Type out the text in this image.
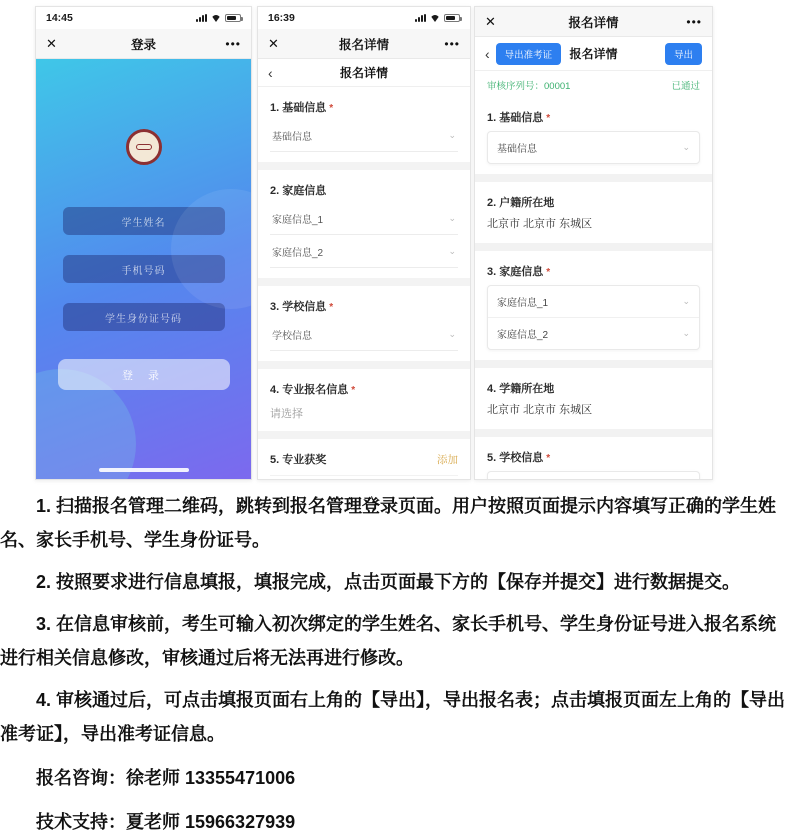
14:45
✕	登录	•••
学生姓名
手机号码
学生身份证号码
登 录
16:39
✕	报名详情	•••
‹	报名详情
1. 基础信息 *
基础信息	⌄
2. 家庭信息
家庭信息_1	⌄
家庭信息_2	⌄
3. 学校信息 *
学校信息	⌄
4. 专业报名信息 *
请选择
5. 专业获奖	添加
✕	报名详情	•••
‹	导出准考证	报名详情	导出
审核序列号：00001	已通过
1. 基础信息 *
基础信息	⌄
2. 户籍所在地
北京市 北京市 东城区
3. 家庭信息 *
家庭信息_1	⌄
家庭信息_2	⌄
4. 学籍所在地
北京市 北京市 东城区
5. 学校信息 *

1. 扫描报名管理二维码，跳转到报名管理登录页面。用户按照页面提示内容填写正确的学生姓名、家长手机号、学生身份证号。

2. 按照要求进行信息填报，填报完成，点击页面最下方的【保存并提交】进行数据提交。

3. 在信息审核前，考生可输入初次绑定的学生姓名、家长手机号、学生身份证号进入报名系统进行相关信息修改，审核通过后将无法再进行修改。

4. 审核通过后，可点击填报页面右上角的【导出】，导出报名表；点击填报页面左上角的【导出准考证】，导出准考证信息。

报名咨询：徐老师 13355471006

技术支持：夏老师 15966327939
